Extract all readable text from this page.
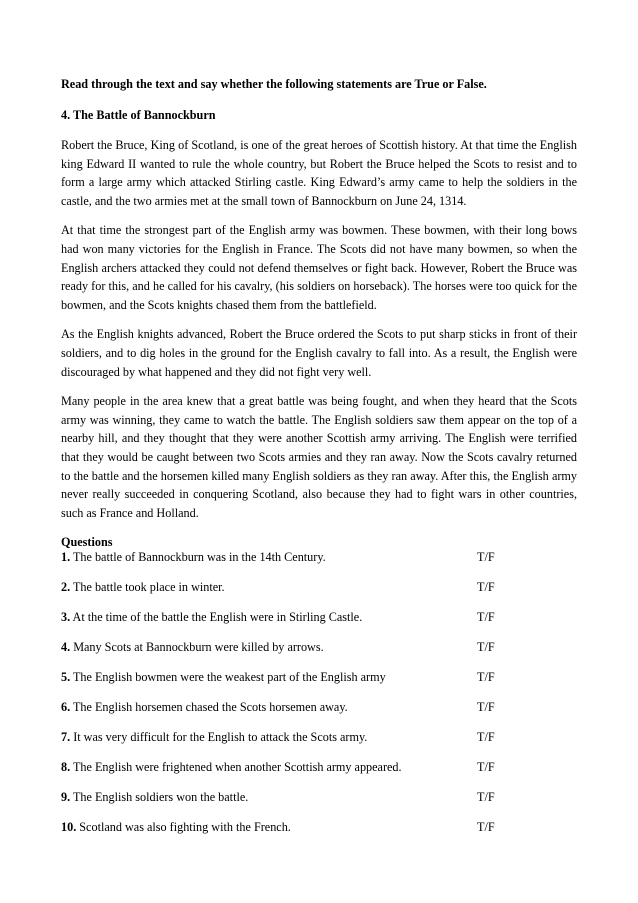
Read through the text and say whether the following statements are True or False.

4. The Battle of Bannockburn

Robert the Bruce, King of Scotland, is one of the great heroes of Scottish history. At that time the English king Edward II wanted to rule the whole country, but Robert the Bruce helped the Scots to resist and to form a large army which attacked Stirling castle. King Edward’s army came to help the soldiers in the castle, and the two armies met at the small town of Bannockburn on June 24, 1314.

At that time the strongest part of the English army was bowmen. These bowmen, with their long bows had won many victories for the English in France. The Scots did not have many bowmen, so when the English archers attacked they could not defend themselves or fight back. However, Robert the Bruce was ready for this, and he called for his cavalry, (his soldiers on horseback). The horses were too quick for the bowmen, and the Scots knights chased them from the battlefield.

As the English knights advanced, Robert the Bruce ordered the Scots to put sharp sticks in front of their soldiers, and to dig holes in the ground for the English cavalry to fall into. As a result, the English were discouraged by what happened and they did not fight very well.

Many people in the area knew that a great battle was being fought, and when they heard that the Scots army was winning, they came to watch the battle. The English soldiers saw them appear on the top of a nearby hill, and they thought that they were another Scottish army arriving. The English were terrified that they would be caught between two Scots armies and they ran away. Now the Scots cavalry returned to the battle and the horsemen killed many English soldiers as they ran away. After this, the English army never really succeeded in conquering Scotland, also because they had to fight wars in other countries, such as France and Holland.

Questions

1. The battle of Bannockburn was in the 14th Century.	T/F
2. The battle took place in winter.	T/F
3. At the time of the battle the English were in Stirling Castle.	T/F
4. Many Scots at Bannockburn were killed by arrows.	T/F
5. The English bowmen were the weakest part of the English army	T/F
6. The English horsemen chased the Scots horsemen away.	T/F
7. It was very difficult for the English to attack the Scots army.	T/F
8. The English were frightened when another Scottish army appeared.	T/F
9. The English soldiers won the battle.	T/F
10. Scotland was also fighting with the French.	T/F
